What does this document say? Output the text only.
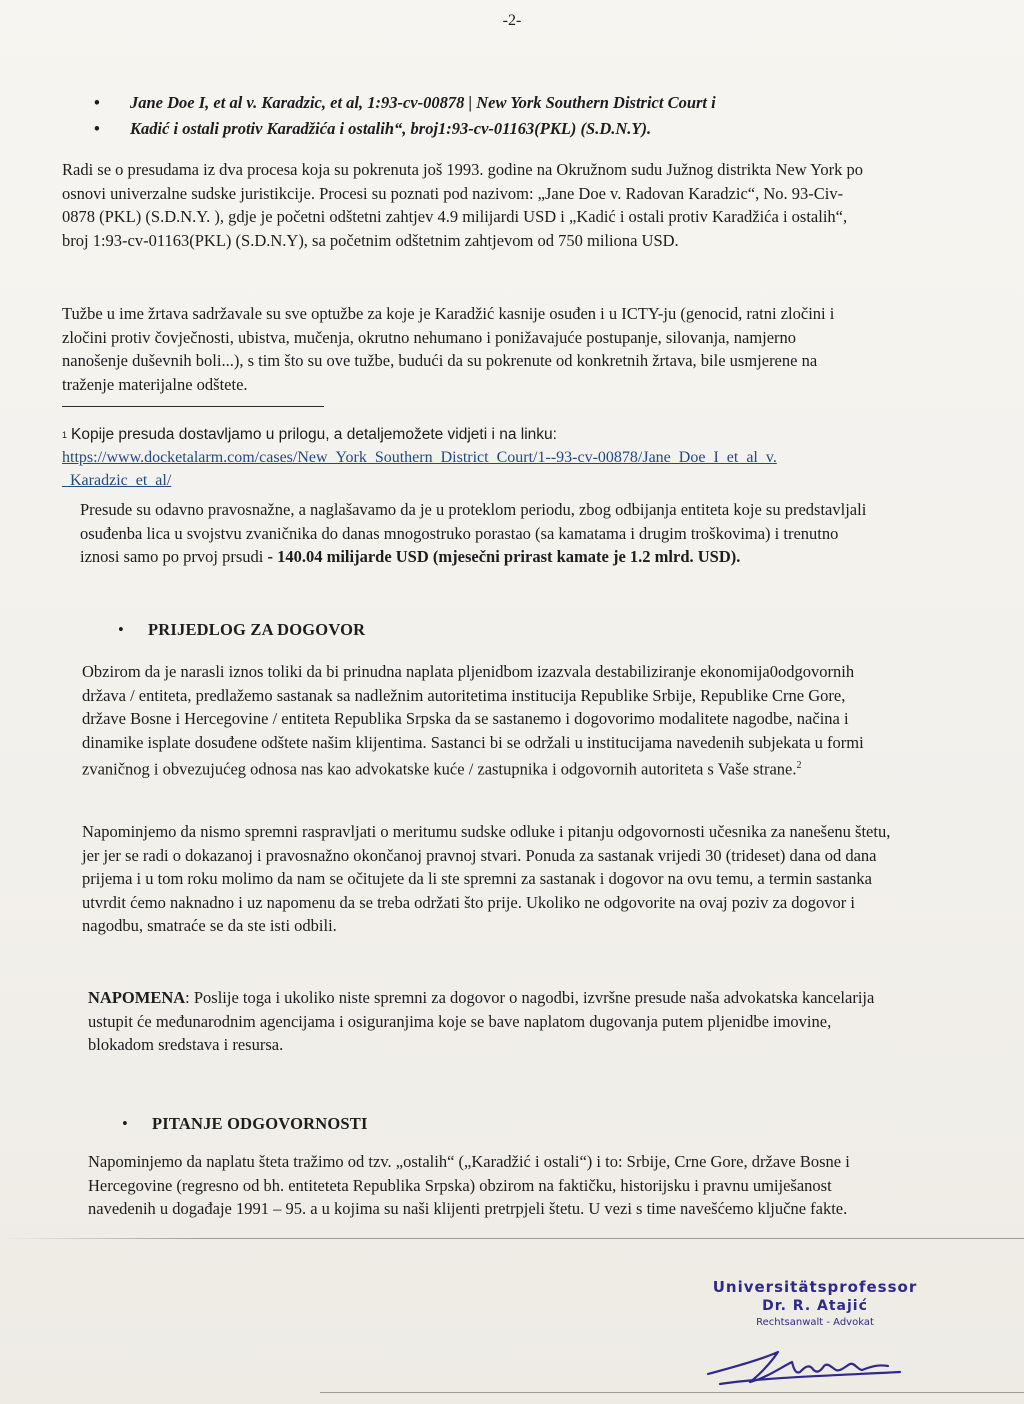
-2-
• Jane Doe I, et al v. Karadzic, et al, 1:93-cv-00878 | New York Southern District Court i
• Kadić i ostali protiv Karadžića i ostalih“, broj1:93-cv-01163(PKL) (S.D.N.Y).

Radi se o presudama iz dva procesa koja su pokrenuta još 1993. godine na Okružnom sudu Južnog distrikta New York po osnovi univerzalne sudske juristikcije. Procesi su poznati pod nazivom: „Jane Doe v. Radovan Karadzic“, No. 93-Civ-0878 (PKL) (S.D.N.Y. ), gdje je početni odštetni zahtjev 4.9 milijardi USD i „Kadić i ostali protiv Karadžića i ostalih“, broj 1:93-cv-01163(PKL) (S.D.N.Y), sa početnim odštetnim zahtjevom od 750 miliona USD.

Tužbe u ime žrtava sadržavale su sve optužbe za koje je Karadžić kasnije osuđen i u ICTY-ju (genocid, ratni zločini i zločini protiv čovječnosti, ubistva, mučenja, okrutno nehumano i ponižavajuće postupanje, silovanja, namjerno nanošenje duševnih boli...), s tim što su ove tužbe, budući da su pokrenute od konkretnih žrtava, bile usmjerene na traženje materijalne odštete.

$^1$ Kopije presuda dostavljamo u prilogu, a detaljemožete vidjeti i na linku:
https://www.docketalarm.com/cases/New_York_Southern_District_Court/1--93-cv-00878/Jane_Doe_I_et_al_v._Karadzic_et_al/

Presude su odavno pravosnažne, a naglašavamo da je u proteklom periodu, zbog odbijanja entiteta koje su predstavljali osuđenba lica u svojstvu zvaničnika do danas mnogostruko porastao (sa kamatama i drugim troškovima) i trenutno iznosi samo po prvoj prsudi - 140.04 milijarde USD (mjesečni prirast kamate je 1.2 mlrd. USD).

• PRIJEDLOG ZA DOGOVOR

Obzirom da je narasli iznos toliki da bi prinudna naplata pljenidbom izazvala destabiliziranje ekonomija0odgovornih država / entiteta, predlažemo sastanak sa nadležnim autoritetima institucija Republike Srbije, Republike Crne Gore, države Bosne i Hercegovine / entiteta Republika Srpska da se sastanemo i dogovorimo modalitete nagodbe, načina i dinamike isplate dosuđene odštete našim klijentima. Sastanci bi se održali u institucijama navedenih subjekata u formi zvaničnog i obvezujućeg odnosa nas kao advokatske kuće / zastupnika i odgovornih autoriteta s Vaše strane.$^2$

Napominjemo da nismo spremni raspravljati o meritumu sudske odluke i pitanju odgovornosti učesnika za nanešenu štetu, jer jer se radi o dokazanoj i pravosnažno okončanoj pravnoj stvari. Ponuda za sastanak vrijedi 30 (trideset) dana od dana prijema i u tom roku molimo da nam se očitujete da li ste spremni za sastanak i dogovor na ovu temu, a termin sastanka utvrdit ćemo naknadno i uz napomenu da se treba održati što prije. Ukoliko ne odgovorite na ovaj poziv za dogovor i nagodbu, smatraće se da ste isti odbili.

NAPOMENA: Poslije toga i ukoliko niste spremni za dogovor o nagodbi, izvršne presude naša advokatska kancelarija ustupit će međunarodnim agencijama i osiguranjima koje se bave naplatom dugovanja putem pljenidbe imovine, blokadom sredstava i resursa.

• PITANJE ODGOVORNOSTI

Napominjemo da naplatu šteta tražimo od tzv. „ostalih“ („Karadžić i ostali“) i to: Srbije, Crne Gore, države Bosne i Hercegovine (regresno od bh. entiteteta Republika Srpska) obzirom na faktičku, historijsku i pravnu umiješanost navedenih u događaje 1991 – 95. a u kojima su naši klijenti pretrpjeli štetu. U vezi s time navešćemo ključne fakte.

Universitätsprofessor
Dr. R. Atajić
Rechtsanwalt - Advokat
